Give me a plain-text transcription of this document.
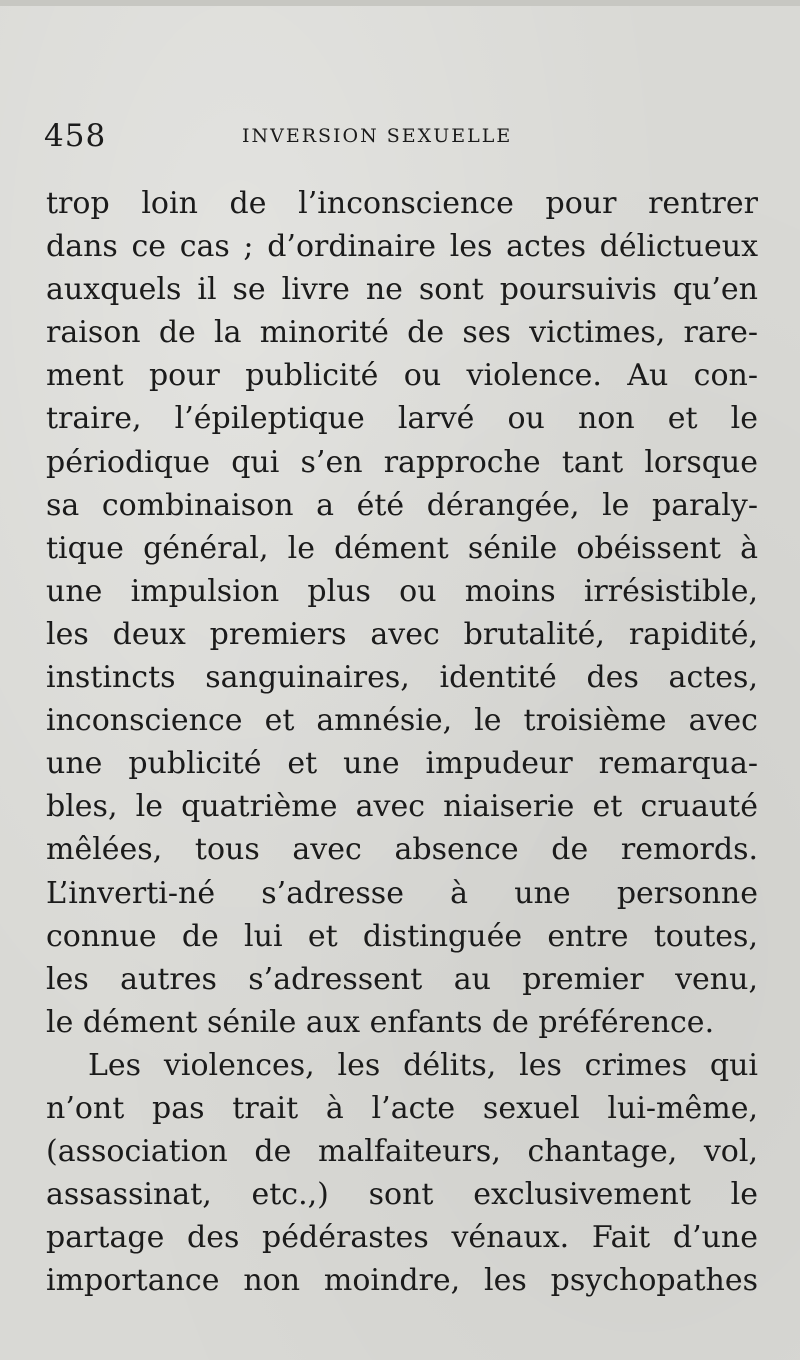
458	INVERSION SEXUELLE
trop loin de l’inconscience pour rentrer
dans ce cas ; d’ordinaire les actes délictueux
auxquels il se livre ne sont poursuivis qu’en
raison de la minorité de ses victimes, rare-
ment pour publicité ou violence. Au con-
traire, l’épileptique larvé ou non et le
périodique qui s’en rapproche tant lorsque
sa combinaison a été dérangée, le paraly-
tique général, le dément sénile obéissent à
une impulsion plus ou moins irrésistible,
les deux premiers avec brutalité, rapidité,
instincts sanguinaires, identité des actes,
inconscience et amnésie, le troisième avec
une publicité et une impudeur remarqua-
bles, le quatrième avec niaiserie et cruauté
mêlées, tous avec absence de remords.
L’inverti-né s’adresse à une personne
connue de lui et distinguée entre toutes,
les autres s’adressent au premier venu,
le dément sénile aux enfants de préférence.
Les violences, les délits, les crimes qui
n’ont pas trait à l’acte sexuel lui-même,
(association de malfaiteurs, chantage, vol,
assassinat, etc.,) sont exclusivement le
partage des pédérastes vénaux. Fait d’une
importance non moindre, les psychopathes
